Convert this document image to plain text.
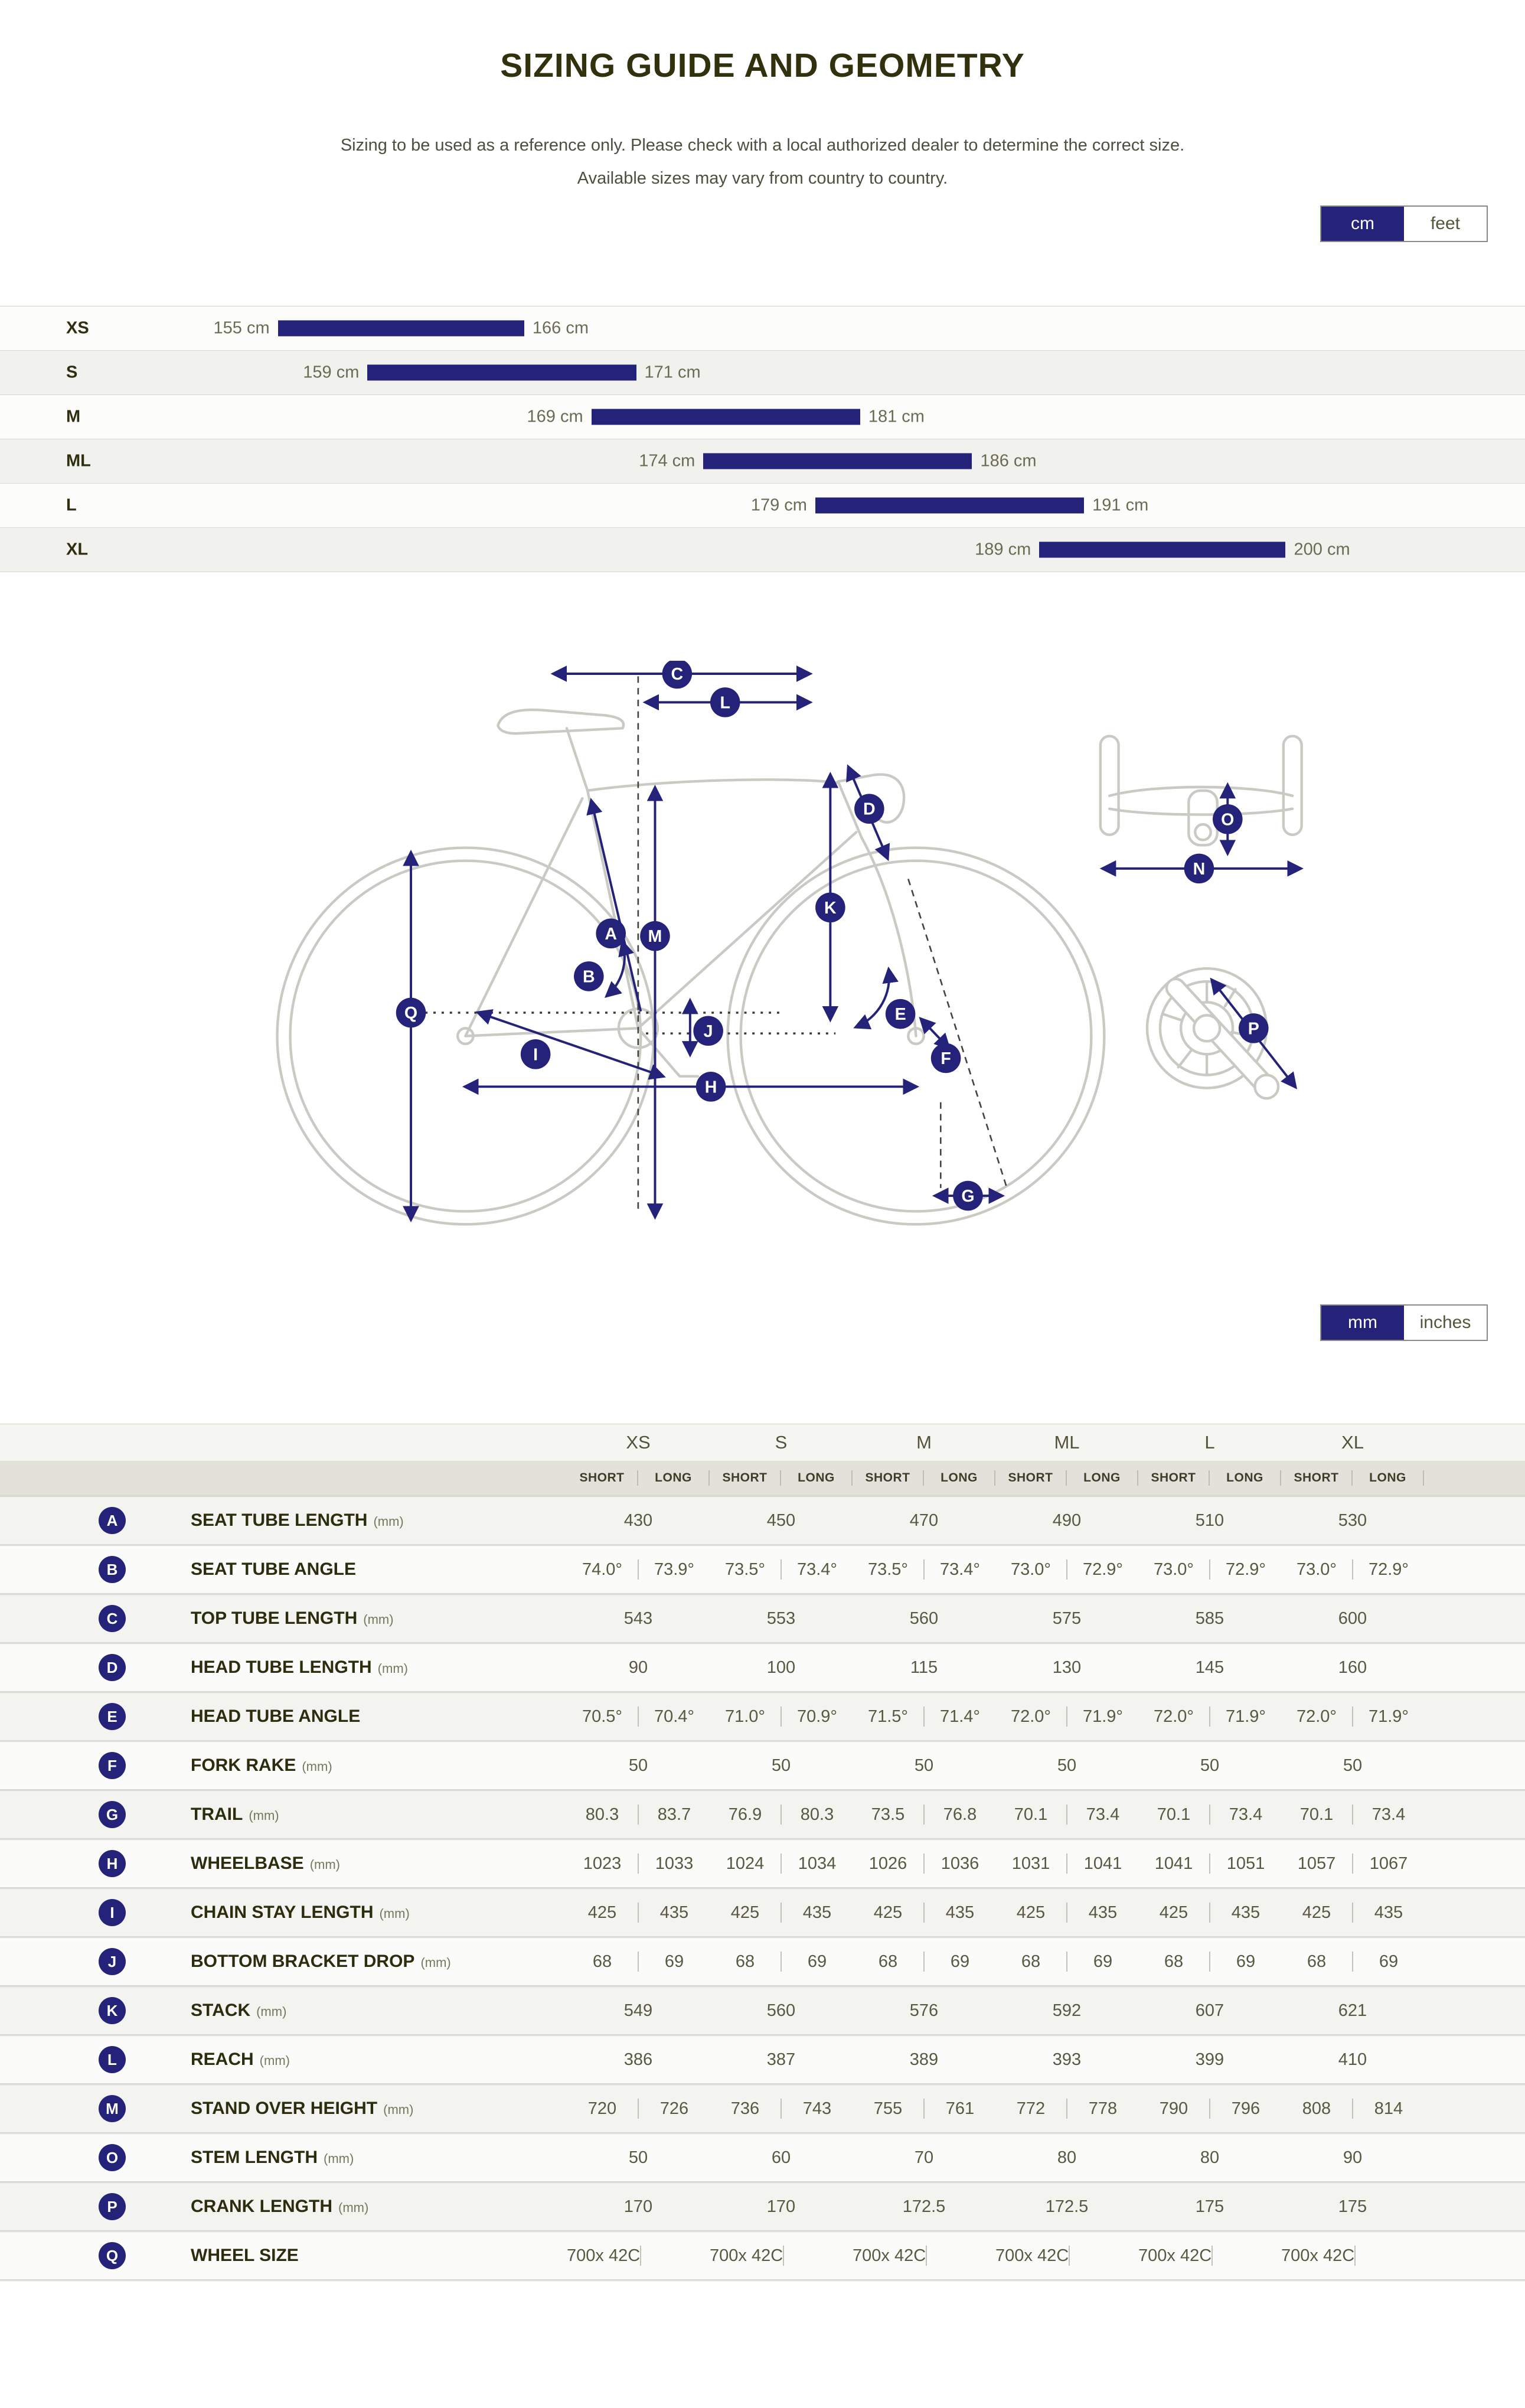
SIZING GUIDE AND GEOMETRY
Sizing to be used as a reference only. Please check with a local authorized dealer to determine the correct size.
Available sizes may vary from country to country.
cm	feet
XS	155 cm	166 cm
S	159 cm	171 cm
M	169 cm	181 cm
ML	174 cm	186 cm
L	179 cm	191 cm
XL	189 cm	200 cm
C
L
D
O
N
K
A	M
B
Q	E
J
F
I
H
P
G
mm	inches
XS	S	M	ML	L	XL
SHORT	LONG	SHORT	LONG	SHORT	LONG	SHORT	LONG	SHORT	LONG	SHORT	LONG
A	SEAT TUBE LENGTH (mm)	430	450	470	490	510	530
B	SEAT TUBE ANGLE	74.0°	73.9°	73.5°	73.4°	73.5°	73.4°	73.0°	72.9°	73.0°	72.9°	73.0°	72.9°
C	TOP TUBE LENGTH (mm)	543	553	560	575	585	600
D	HEAD TUBE LENGTH (mm)	90	100	115	130	145	160
E	HEAD TUBE ANGLE	70.5°	70.4°	71.0°	70.9°	71.5°	71.4°	72.0°	71.9°	72.0°	71.9°	72.0°	71.9°
F	FORK RAKE (mm)	50	50	50	50	50	50
G	TRAIL (mm)	80.3	83.7	76.9	80.3	73.5	76.8	70.1	73.4	70.1	73.4	70.1	73.4
H	WHEELBASE (mm)	1023	1033	1024	1034	1026	1036	1031	1041	1041	1051	1057	1067
I	CHAIN STAY LENGTH (mm)	425	435	425	435	425	435	425	435	425	435	425	435
J	BOTTOM BRACKET DROP (mm)	68	69	68	69	68	69	68	69	68	69	68	69
K	STACK (mm)	549	560	576	592	607	621
L	REACH (mm)	386	387	389	393	399	410
M	STAND OVER HEIGHT (mm)	720	726	736	743	755	761	772	778	790	796	808	814
O	STEM LENGTH (mm)	50	60	70	80	80	90
P	CRANK LENGTH (mm)	170	170	172.5	172.5	175	175
Q	WHEEL SIZE	700x 42C	700x 42C	700x 42C	700x 42C	700x 42C	700x 42C
